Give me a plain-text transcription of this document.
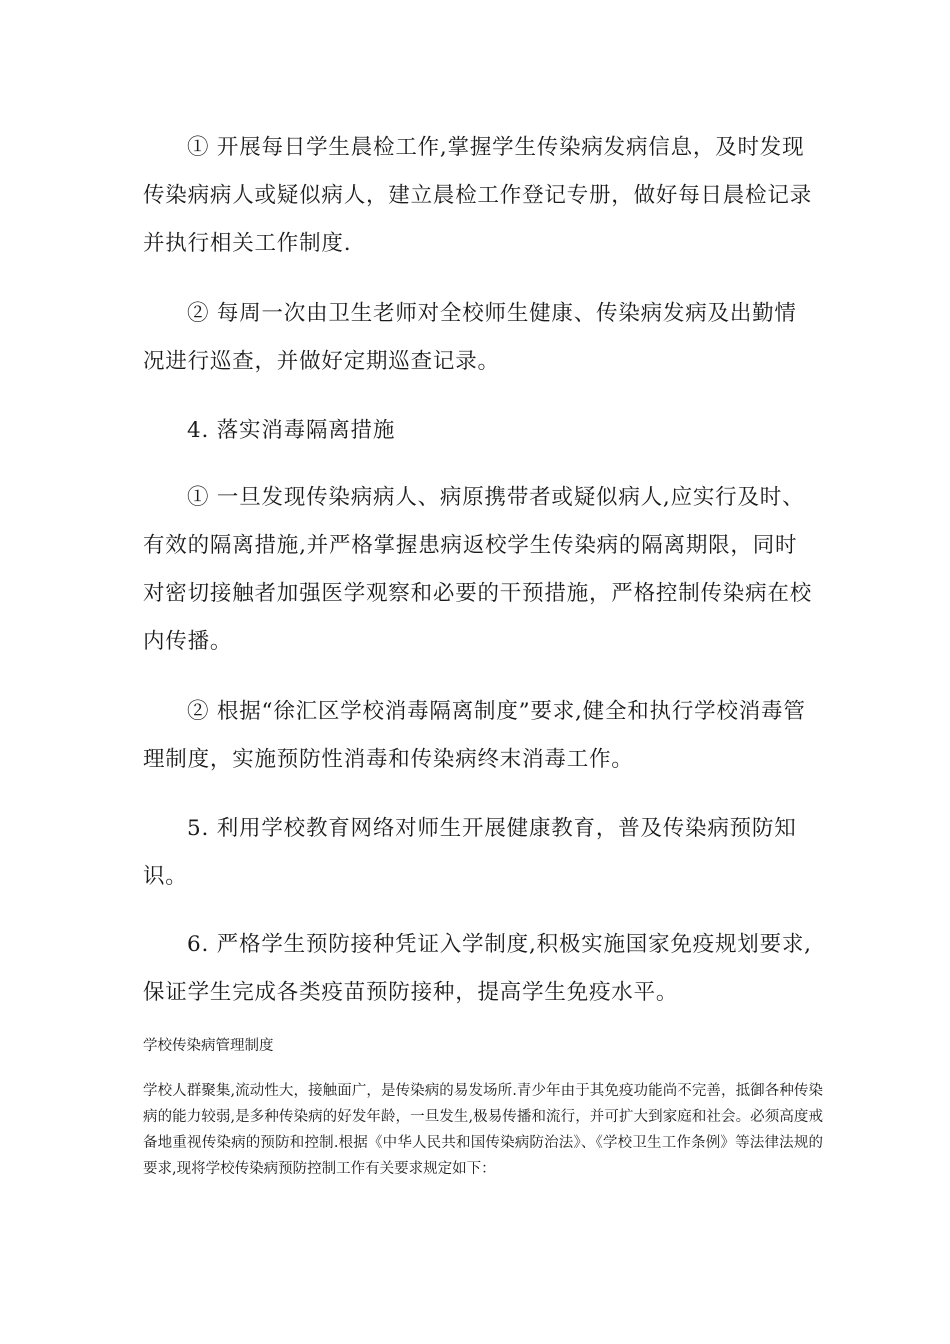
① 开展每日学生晨检工作,掌握学生传染病发病信息，及时发现传染病病人或疑似病人，建立晨检工作登记专册，做好每日晨检记录并执行相关工作制度.

② 每周一次由卫生老师对全校师生健康、传染病发病及出勤情况进行巡查，并做好定期巡查记录。

4. 落实消毒隔离措施

① 一旦发现传染病病人、病原携带者或疑似病人,应实行及时、有效的隔离措施,并严格掌握患病返校学生传染病的隔离期限，同时对密切接触者加强医学观察和必要的干预措施，严格控制传染病在校内传播。

② 根据“徐汇区学校消毒隔离制度”要求,健全和执行学校消毒管理制度，实施预防性消毒和传染病终末消毒工作。

5. 利用学校教育网络对师生开展健康教育，普及传染病预防知识。

6. 严格学生预防接种凭证入学制度,积极实施国家免疫规划要求,保证学生完成各类疫苗预防接种，提高学生免疫水平。

学校传染病管理制度

学校人群聚集,流动性大，接触面广，是传染病的易发场所.青少年由于其免疫功能尚不完善，抵御各种传染病的能力较弱,是多种传染病的好发年龄，一旦发生,极易传播和流行，并可扩大到家庭和社会。必须高度戒备地重视传染病的预防和控制.根据《中华人民共和国传染病防治法》、《学校卫生工作条例》等法律法规的要求,现将学校传染病预防控制工作有关要求规定如下：
